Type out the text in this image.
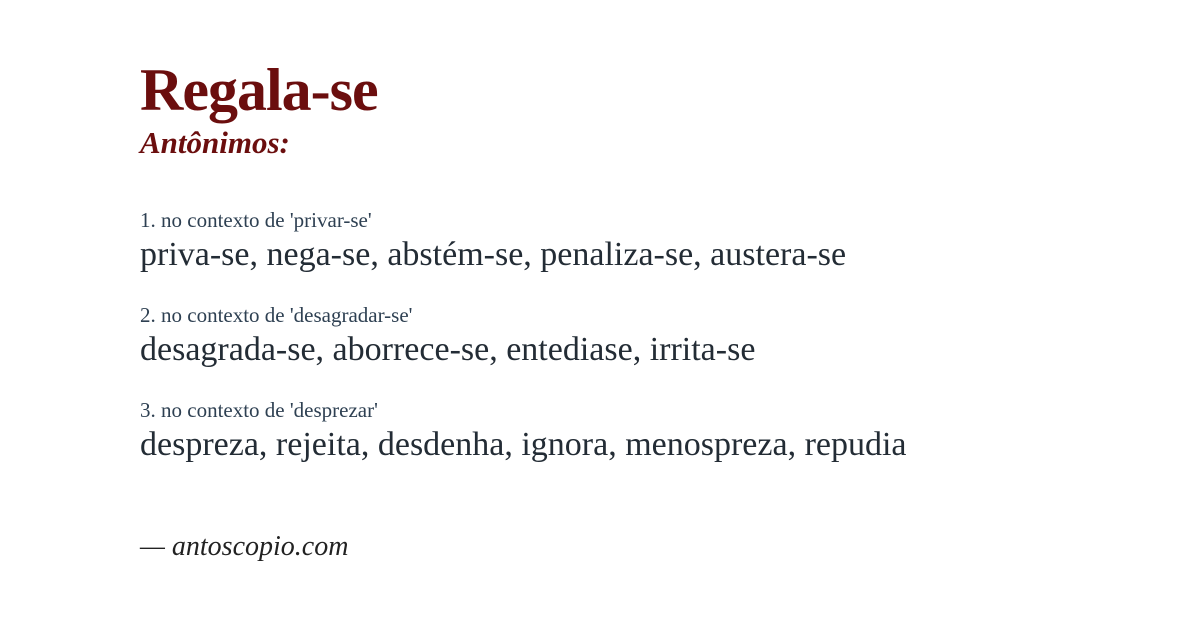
Regala-se
Antônimos:
1. no contexto de 'privar-se'
priva-se, nega-se, abstém-se, penaliza-se, austera-se
2. no contexto de 'desagradar-se'
desagrada-se, aborrece-se, entediase, irrita-se
3. no contexto de 'desprezar'
despreza, rejeita, desdenha, ignora, menospreza, repudia
— antoscopio.com
